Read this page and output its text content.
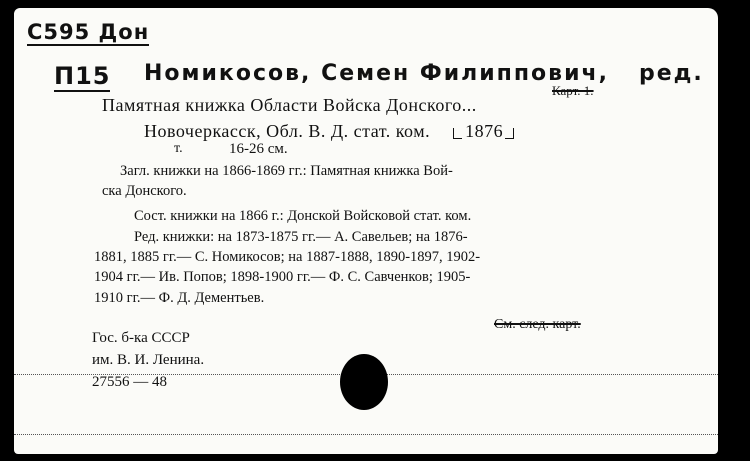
C595 Дон
П15 Номикосов, Семен Филиппович, ред.
Карт. 1.
Памятная книжка Области Войска Донского...
Новочеркасск, Обл. В. Д. стат. ком. 1876
т.	16-26 см.
Загл. книжки на 1866-1869 гг.: Памятная книжка Вой-
ска Донского.
Сост. книжки на 1866 г.: Донской Войсковой стат. ком.
Ред. книжки: на 1873-1875 гг.— А. Савельев; на 1876-
1881, 1885 гг.— С. Номикосов; на 1887-1888, 1890-1897, 1902-
1904 гг.— Ив. Попов; 1898-1900 гг.— Ф. С. Савченков; 1905-
1910 гг.— Ф. Д. Дементьев.
См. след. карт.
Гос. б-ка СССР
им. В. И. Ленина.
27556 — 48
